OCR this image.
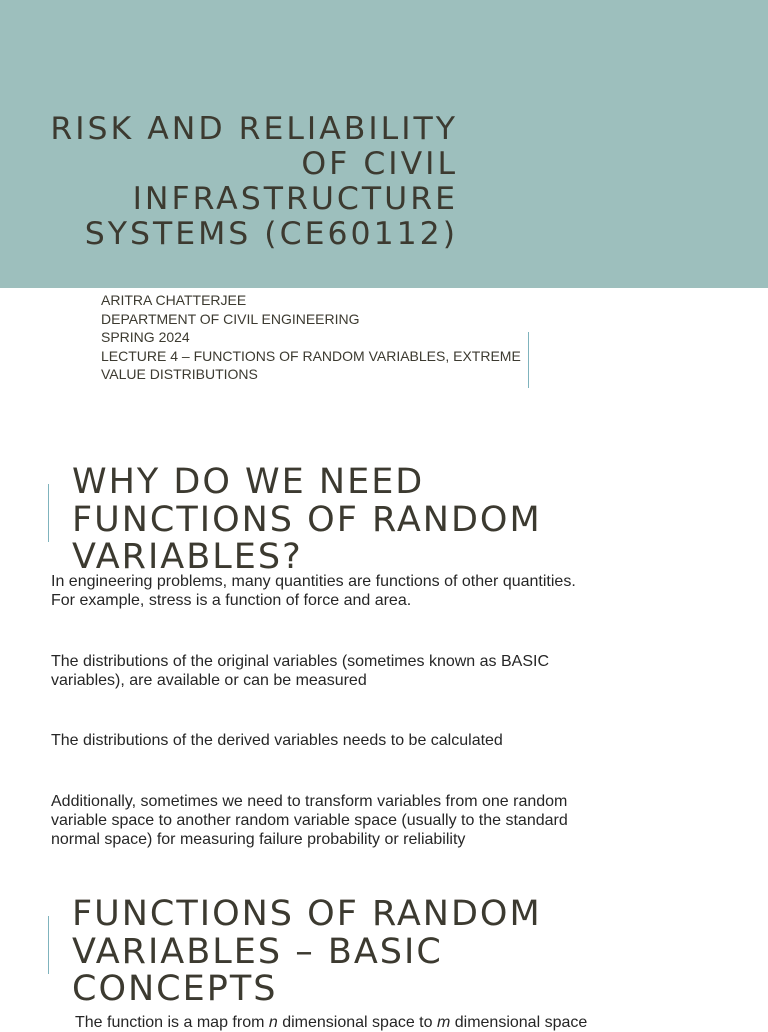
RISK AND RELIABILITY
OF CIVIL
INFRASTRUCTURE
SYSTEMS (CE60112)
ARITRA CHATTERJEE
DEPARTMENT OF CIVIL ENGINEERING
SPRING 2024
LECTURE 4 – FUNCTIONS OF RANDOM VARIABLES, EXTREME
VALUE DISTRIBUTIONS
WHY DO WE NEED
FUNCTIONS OF RANDOM
VARIABLES?
In engineering problems, many quantities are functions of other quantities.
For example, stress is a function of force and area.
The distributions of the original variables (sometimes known as BASIC
variables), are available or can be measured
The distributions of the derived variables needs to be calculated
Additionally, sometimes we need to transform variables from one random
variable space to another random variable space (usually to the standard
normal space) for measuring failure probability or reliability
FUNCTIONS OF RANDOM
VARIABLES – BASIC
CONCEPTS
The function is a map from n dimensional space to m dimensional space
